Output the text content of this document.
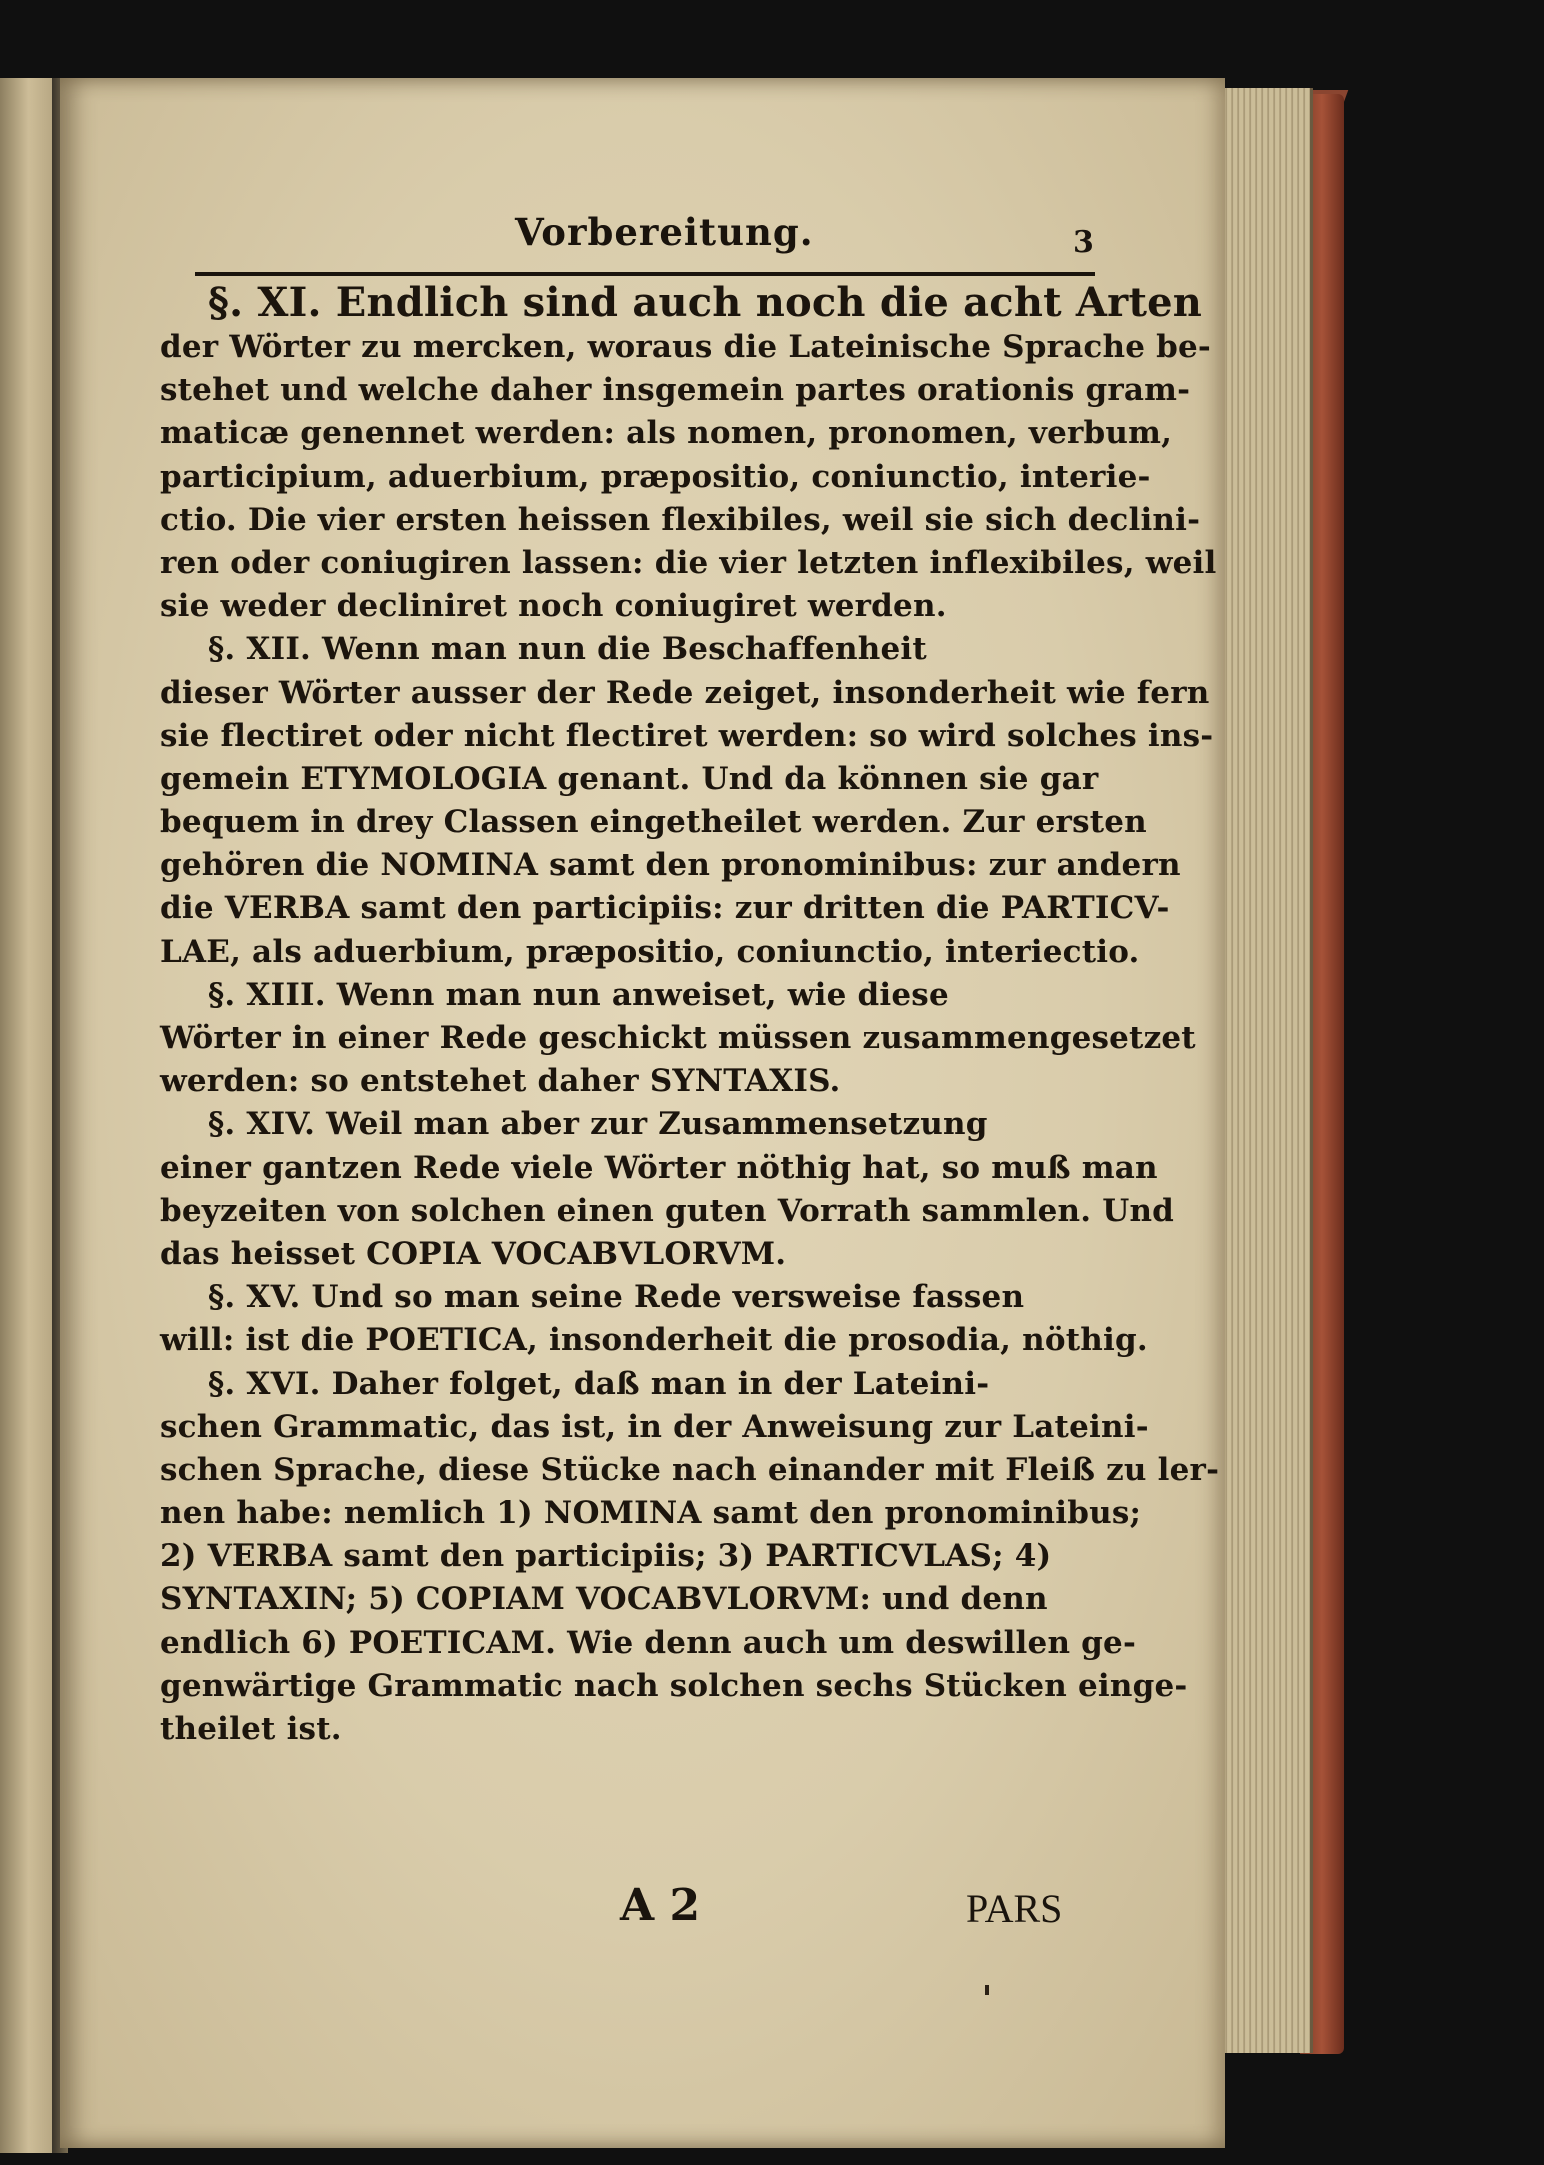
Vorbereitung.	3
§. XI. Endlich sind auch noch die acht Arten
der Wörter zu mercken, woraus die Lateinische Sprache be-
stehet und welche daher insgemein partes orationis gram-
maticæ genennet werden: als nomen, pronomen, verbum,
participium, aduerbium, præpositio, coniunctio, interie-
ctio. Die vier ersten heissen flexibiles, weil sie sich declini-
ren oder coniugiren lassen: die vier letzten inflexibiles, weil
sie weder decliniret noch coniugiret werden.
§. XII. Wenn man nun die Beschaffenheit
dieser Wörter ausser der Rede zeiget, insonderheit wie fern
sie flectiret oder nicht flectiret werden: so wird solches ins-
gemein ETYMOLOGIA genant. Und da können sie gar
bequem in drey Classen eingetheilet werden. Zur ersten
gehören die NOMINA samt den pronominibus: zur andern
die VERBA samt den participiis: zur dritten die PARTICV-
LAE, als aduerbium, præpositio, coniunctio, interiectio.
§. XIII. Wenn man nun anweiset, wie diese
Wörter in einer Rede geschickt müssen zusammengesetzet
werden: so entstehet daher SYNTAXIS.
§. XIV. Weil man aber zur Zusammensetzung
einer gantzen Rede viele Wörter nöthig hat, so muß man
beyzeiten von solchen einen guten Vorrath sammlen. Und
das heisset COPIA VOCABVLORVM.
§. XV. Und so man seine Rede versweise fassen
will: ist die POETICA, insonderheit die prosodia, nöthig.
§. XVI. Daher folget, daß man in der Lateini-
schen Grammatic, das ist, in der Anweisung zur Lateini-
schen Sprache, diese Stücke nach einander mit Fleiß zu ler-
nen habe: nemlich 1) NOMINA samt den pronominibus;
2) VERBA samt den participiis; 3) PARTICVLAS; 4)
SYNTAXIN; 5) COPIAM VOCABVLORVM: und denn
endlich 6) POETICAM. Wie denn auch um deswillen ge-
genwärtige Grammatic nach solchen sechs Stücken einge-
theilet ist.
A 2	PARS
